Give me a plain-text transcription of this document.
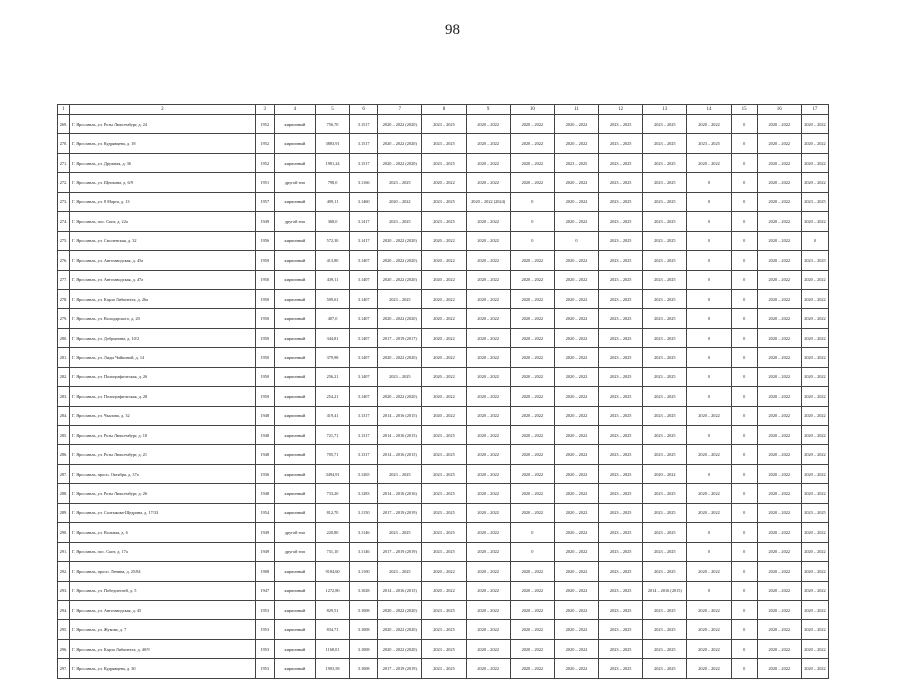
98
1	2	3	4	5	6	7	8	9	10	11	12	13	14	15	16	17
269.	Г. Ярославль, ул. Розы Люксембург, д. 24	1952	кирпичный	756,70	3.1517	2020 – 2022 (2020)	2023 – 2025	2020 – 2022	2020 – 2022	2020 – 2022	2023 – 2025	2023 – 2025	2020 – 2022	0	2020 – 2022	2020 – 2022
270.	Г. Ярославль, ул. Кудрявцева, д. 18	1952	кирпичный	3883,91	3.1517	2020 – 2022 (2020)	2023 – 2025	2020 – 2022	2020 – 2022	2020 – 2022	2023 – 2025	2023 – 2025	2023 – 2025	0	2020 – 2022	2020 – 2022
271.	Г. Ярославль, ул. Дружная, д. 36	1952	кирпичный	1981,24	3.1517	2020 – 2022 (2020)	2023 – 2025	2020 – 2022	2020 – 2022	2023 – 2025	2023 – 2025	2023 – 2025	2020 – 2022	0	2020 – 2022	2020 – 2022
272.	Г. Ярославль, ул. Щепкина, д. 6/9	1951	другой тип	798,0	3.1166	2023 – 2025	2020 – 2022	2020 – 2022	2020 – 2022	2020 – 2022	2023 – 2025	2023 – 2025	0	0	2020 – 2022	2020 – 2022
273.	Г. Ярославль, ул. 8 Марта, д. 13	1957	кирпичный	409,11	3.1460	2020 – 2022	2023 – 2025	2020 – 2022 (2024)	0	2020 – 2022	2023 – 2025	2023 – 2025	0	0	2020 – 2022	2023 – 2025
274.	Г. Ярославль, пос. Скит, д. 22а	1949	другой тип	368,0	3.1417	2023 – 2025	2023 – 2025	2020 – 2022	0	2020 – 2022	2023 – 2025	2023 – 2025	0	0	2020 – 2022	2020 – 2022
275.	Г. Ярославль, ул. Смоленская, д. 32	1956	кирпичный	572,30	3.1417	2020 – 2022 (2020)	2020 – 2022	2020 – 2022	0	0	2023 – 2025	2023 – 2025	0	0	2020 – 2022	0
276.	Г. Ярославль, ул. Автозаводская, д. 45а	1950	кирпичный	413,80	3.1407	2020 – 2022 (2020)	2020 – 2022	2020 – 2022	2020 – 2022	2020 – 2022	2023 – 2025	2023 – 2025	0	0	2020 – 2022	2023 – 2025
277.	Г. Ярославль, ул. Автозаводская, д. 47а	1950	кирпичный	439,11	3.1407	2020 – 2022 (2020)	2020 – 2022	2020 – 2022	2020 – 2022	2020 – 2022	2023 – 2025	2023 – 2025	0	0	2020 – 2022	2020 – 2022
278.	Г. Ярославль, ул. Карла Либкнехта, д. 26а	1950	кирпичный	509,61	3.1407	2023 – 2025	2020 – 2022	2020 – 2022	2020 – 2022	2020 – 2022	2023 – 2025	2023 – 2025	0	0	2020 – 2022	2020 – 2022
279.	Г. Ярославль, ул. Володарского, д. 20	1950	кирпичный	407,0	3.1407	2020 – 2022 (2020)	2020 – 2022	2020 – 2022	2020 – 2022	2020 – 2022	2023 – 2025	2023 – 2025	0	0	2020 – 2022	2020 – 2022
280.	Г. Ярославль, ул. Добрынина, д. 10/2	1950	кирпичный	344,81	3.1407	2017 – 2019 (2017)	2020 – 2022	2020 – 2022	2020 – 2022	2020 – 2022	2023 – 2025	2023 – 2025	0	0	2020 – 2022	2020 – 2022
281.	Г. Ярославль, ул. Лиды Чайкиной, д. 14	1950	кирпичный	379,98	3.1407	2020 – 2022 (2020)	2020 – 2022	2020 – 2022	2020 – 2022	2020 – 2022	2023 – 2025	2023 – 2025	0	0	2020 – 2022	2020 – 2022
282.	Г. Ярославль, ул. Полиграфическая, д. 26	1950	кирпичный	256,21	3.1407	2023 – 2025	2020 – 2022	2020 – 2022	2020 – 2022	2020 – 2022	2023 – 2025	2023 – 2025	0	0	2020 – 2022	2020 – 2022
283.	Г. Ярославль, ул. Полиграфическая, д. 28	1950	кирпичный	254,21	3.1407	2020 – 2022 (2020)	2020 – 2022	2020 – 2022	2020 – 2022	2020 – 2022	2023 – 2025	2023 – 2025	0	0	2020 – 2022	2020 – 2022
284.	Г. Ярославль, ул. Чкалова, д. 32	1948	кирпичный	419,41	3.1317	2014 – 2016 (2015)	2020 – 2022	2020 – 2022	2020 – 2022	2020 – 2022	2023 – 2025	2023 – 2025	2020 – 2022	0	2020 – 2022	2020 – 2022
285.	Г. Ярославль, ул. Розы Люксембург, д. 18	1948	кирпичный	721,71	3.1317	2014 – 2016 (2015)	2023 – 2025	2020 – 2022	2020 – 2022	2020 – 2022	2023 – 2025	2023 – 2025	0	0	2020 – 2022	2020 – 2022
286.	Г. Ярославль, ул. Розы Люксембург, д. 21	1948	кирпичный	705,71	3.1317	2014 – 2016 (2015)	2023 – 2025	2020 – 2022	2020 – 2022	2020 – 2022	2023 – 2025	2023 – 2025	2020 – 2022	0	2020 – 2022	2020 – 2022
287.	Г. Ярославль, просп. Октября, д. 37а	1936	кирпичный	3494,91	3.1265	2023 – 2025	2023 – 2025	2020 – 2022	2020 – 2022	2020 – 2022	2023 – 2025	2020 – 2022	0	0	2020 – 2022	2020 – 2022
288.	Г. Ярославль, ул. Розы Люксембург, д. 26	1948	кирпичный	733,20	3.1283	2014 – 2016 (2016)	2023 – 2025	2020 – 2022	2020 – 2022	2020 – 2022	2023 – 2025	2023 – 2025	2020 – 2022	0	2020 – 2022	2020 – 2022
289.	Г. Ярославль, ул. Салтыкова-Щедрина, д. 17/33	1954	кирпичный	812,70	3.1150	2017 – 2019 (2019)	2023 – 2025	2020 – 2022	2020 – 2022	2020 – 2022	2023 – 2025	2023 – 2025	2020 – 2022	0	2020 – 2022	2023 – 2025
290.	Г. Ярославль, ул. Вольная, д. 6	1949	другой тип	220,80	3.1146	2023 – 2025	2023 – 2025	2020 – 2022	0	2020 – 2022	2023 – 2025	2023 – 2025	0	0	2020 – 2022	2020 – 2022
291.	Г. Ярославль, пос. Скит, д. 17а	1949	другой тип	731,10	3.1146	2017 – 2019 (2019)	2023 – 2025	2020 – 2022	0	2020 – 2022	2023 – 2025	2023 – 2025	0	0	2020 – 2022	2020 – 2022
292.	Г. Ярославль, просп. Ленина, д. 25/84	1908	кирпичный	9184,60	3.1100	2023 – 2025	2020 – 2022	2020 – 2022	2020 – 2022	2020 – 2022	2023 – 2025	2023 – 2025	2020 – 2022	0	2020 – 2022	2020 – 2022
293.	Г. Ярославль, ул. Победителей, д. 5	1947	кирпичный	1272,80	3.1028	2014 – 2016 (2015)	2020 – 2022	2020 – 2022	2020 – 2022	2020 – 2022	2023 – 2025	2014 – 2016 (2015)	0	0	2020 – 2022	2020 – 2022
294.	Г. Ярославль, ул. Автозаводская, д. 45	1953	кирпичный	829,51	3.1008	2020 – 2022 (2020)	2023 – 2025	2020 – 2022	2020 – 2022	2020 – 2022	2023 – 2025	2023 – 2025	2020 – 2022	0	2020 – 2022	2020 – 2022
295.	Г. Ярославль, ул. Жукова, д. 7	1953	кирпичный	834,71	3.1008	2020 – 2022 (2020)	2023 – 2025	2020 – 2022	2020 – 2022	2020 – 2022	2023 – 2025	2023 – 2025	2020 – 2022	0	2020 – 2022	2020 – 2022
296.	Г. Ярославль, ул. Карла Либкнехта, д. 40/9	1953	кирпичный	1168,01	3.1008	2020 – 2022 (2020)	2023 – 2025	2020 – 2022	2020 – 2022	2020 – 2022	2023 – 2025	2023 – 2025	2020 – 2022	0	2020 – 2022	2020 – 2022
297.	Г. Ярославль, ул. Кудрявцева, д. 30	1953	кирпичный	1903,58	3.1008	2017 – 2019 (2019)	2023 – 2025	2020 – 2022	2020 – 2022	2020 – 2022	2023 – 2025	2023 – 2025	2020 – 2022	0	2020 – 2022	2020 – 2022
